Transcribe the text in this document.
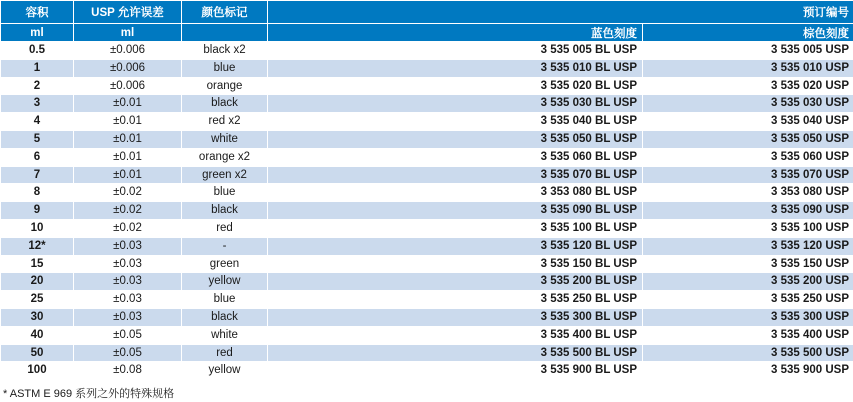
容积	USP 允许误差	颜色标记	预订编号	
ml	ml		蓝色刻度	棕色刻度
0.5	±0.006	black x2	3 535 005 BL USP	3 535 005 USP
1	±0.006	blue	3 535 010 BL USP	3 535 010 USP
2	±0.006	orange	3 535 020 BL USP	3 535 020 USP
3	±0.01	black	3 535 030 BL USP	3 535 030 USP
4	±0.01	red x2	3 535 040 BL USP	3 535 040 USP
5	±0.01	white	3 535 050 BL USP	3 535 050 USP
6	±0.01	orange x2	3 535 060 BL USP	3 535 060 USP
7	±0.01	green x2	3 535 070 BL USP	3 535 070 USP
8	±0.02	blue	3 353 080 BL USP	3 353 080 USP
9	±0.02	black	3 535 090 BL USP	3 535 090 USP
10	±0.02	red	3 535 100 BL USP	3 535 100 USP
12*	±0.03	-	3 535 120 BL USP	3 535 120 USP
15	±0.03	green	3 535 150 BL USP	3 535 150 USP
20	±0.03	yellow	3 535 200 BL USP	3 535 200 USP
25	±0.03	blue	3 535 250 BL USP	3 535 250 USP
30	±0.03	black	3 535 300 BL USP	3 535 300 USP
40	±0.05	white	3 535 400 BL USP	3 535 400 USP
50	±0.05	red	3 535 500 BL USP	3 535 500 USP
100	±0.08	yellow	3 535 900 BL USP	3 535 900 USP
* ASTM E 969 系列之外的特殊规格
